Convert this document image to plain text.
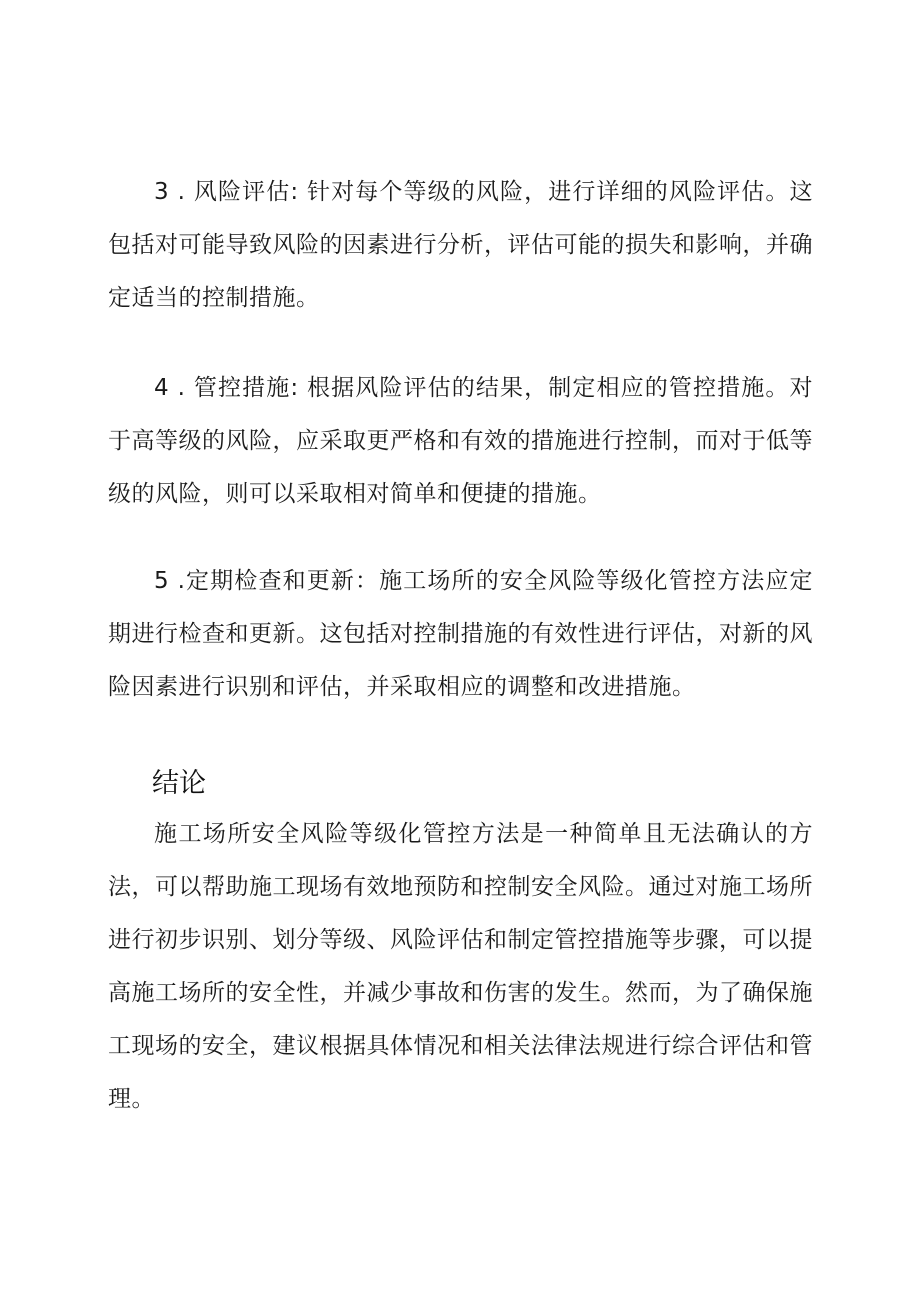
3 . 风险评估: 针对每个等级的风险，进行详细的风险评估。这包括对可能导致风险的因素进行分析，评估可能的损失和影响，并确定适当的控制措施。

4 . 管控措施: 根据风险评估的结果，制定相应的管控措施。对于高等级的风险，应采取更严格和有效的措施进行控制，而对于低等级的风险，则可以采取相对简单和便捷的措施。

5 .定期检查和更新：施工场所的安全风险等级化管控方法应定期进行检查和更新。这包括对控制措施的有效性进行评估，对新的风险因素进行识别和评估，并采取相应的调整和改进措施。

结论

施工场所安全风险等级化管控方法是一种简单且无法确认的方法，可以帮助施工现场有效地预防和控制安全风险。通过对施工场所进行初步识别、划分等级、风险评估和制定管控措施等步骤，可以提高施工场所的安全性，并减少事故和伤害的发生。然而，为了确保施工现场的安全，建议根据具体情况和相关法律法规进行综合评估和管理。
